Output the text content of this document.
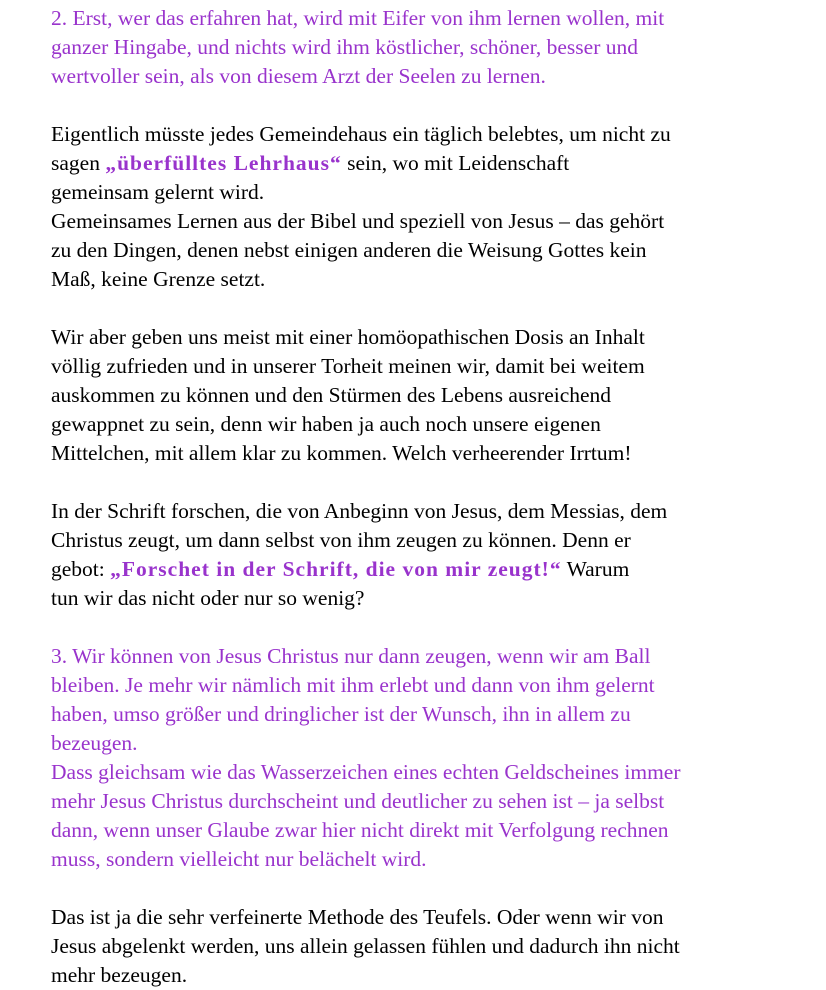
2. Erst, wer das erfahren hat, wird mit Eifer von ihm lernen wollen, mit
ganzer Hingabe, und nichts wird ihm köstlicher, schöner, besser und
wertvoller sein, als von diesem Arzt der Seelen zu lernen.

Eigentlich müsste jedes Gemeindehaus ein täglich belebtes, um nicht zu
sagen „überfülltes Lehrhaus“ sein, wo mit Leidenschaft
gemeinsam gelernt wird.
Gemeinsames Lernen aus der Bibel und speziell von Jesus – das gehört
zu den Dingen, denen nebst einigen anderen die Weisung Gottes kein
Maß, keine Grenze setzt.

Wir aber geben uns meist mit einer homöopathischen Dosis an Inhalt
völlig zufrieden und in unserer Torheit meinen wir, damit bei weitem
auskommen zu können und den Stürmen des Lebens ausreichend
gewappnet zu sein, denn wir haben ja auch noch unsere eigenen
Mittelchen, mit allem klar zu kommen. Welch verheerender Irrtum!

In der Schrift forschen, die von Anbeginn von Jesus, dem Messias, dem
Christus zeugt, um dann selbst von ihm zeugen zu können. Denn er
gebot: „Forschet in der Schrift, die von mir zeugt!“ Warum
tun wir das nicht oder nur so wenig?

3. Wir können von Jesus Christus nur dann zeugen, wenn wir am Ball
bleiben. Je mehr wir nämlich mit ihm erlebt und dann von ihm gelernt
haben, umso größer und dringlicher ist der Wunsch, ihn in allem zu
bezeugen.
Dass gleichsam wie das Wasserzeichen eines echten Geldscheines immer
mehr Jesus Christus durchscheint und deutlicher zu sehen ist – ja selbst
dann, wenn unser Glaube zwar hier nicht direkt mit Verfolgung rechnen
muss, sondern vielleicht nur belächelt wird.

Das ist ja die sehr verfeinerte Methode des Teufels. Oder wenn wir von
Jesus abgelenkt werden, uns allein gelassen fühlen und dadurch ihn nicht
mehr bezeugen.
